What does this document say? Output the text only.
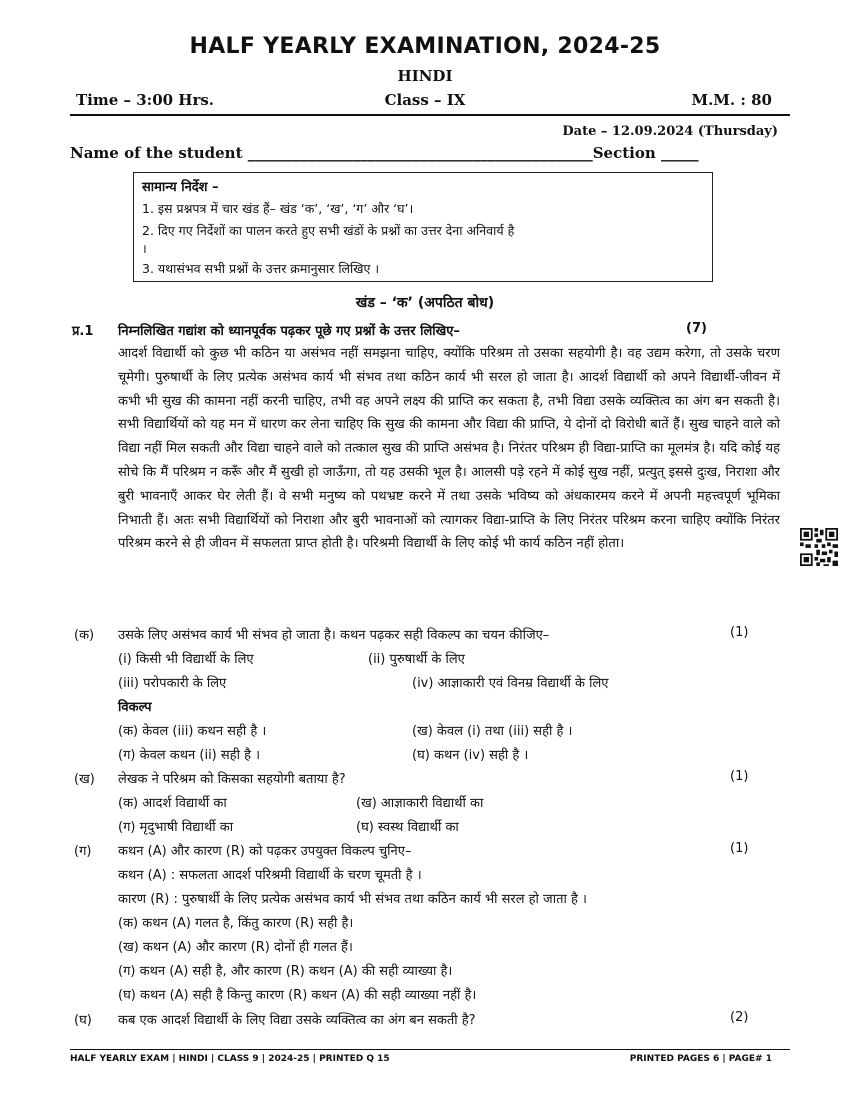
HALF YEARLY EXAMINATION, 2024-25
HINDI
Time – 3:00 Hrs.	Class – IX	M.M. : 80
Date – 12.09.2024 (Thursday)
Name of the student ______________________________________________Section _____
सामान्य निर्देश –
1. इस प्रश्नपत्र में चार खंड हैं– खंड ‘क’, ‘ख’, ‘ग’ और ‘घ’।
2. दिए गए निर्देशों का पालन करते हुए सभी खंडों के प्रश्नों का उत्तर देना अनिवार्य है
।
3. यथासंभव सभी प्रश्नों के उत्तर क्रमानुसार लिखिए ।
खंड – ‘क’ (अपठित बोध)
प्र.1 निम्नलिखित गद्यांश को ध्यानपूर्वक पढ़कर पूछे गए प्रश्नों के उत्तर लिखिए–	(7)
आदर्श विद्यार्थी को कुछ भी कठिन या असंभव नहीं समझना चाहिए, क्योंकि परिश्रम तो उसका सहयोगी है। वह उद्यम करेगा, तो उसके चरण चूमेगी। पुरुषार्थी के लिए प्रत्येक असंभव कार्य भी संभव तथा कठिन कार्य भी सरल हो जाता है। आदर्श विद्यार्थी को अपने विद्यार्थी-जीवन में कभी भी सुख की कामना नहीं करनी चाहिए, तभी वह अपने लक्ष्य की प्राप्ति कर सकता है, तभी विद्या उसके व्यक्तित्व का अंग बन सकती है। सभी विद्यार्थियों को यह मन में धारण कर लेना चाहिए कि सुख की कामना और विद्या की प्राप्ति, ये दोनों दो विरोधी बातें हैं। सुख चाहने वाले को विद्या नहीं मिल सकती और विद्या चाहने वाले को तत्काल सुख की प्राप्ति असंभव है। निरंतर परिश्रम ही विद्या-प्राप्ति का मूलमंत्र है। यदि कोई यह सोचे कि मैं परिश्रम न करूँ और मैं सुखी हो जाऊँगा, तो यह उसकी भूल है। आलसी पड़े रहने में कोई सुख नहीं, प्रत्युत् इससे दुःख, निराशा और बुरी भावनाएँ आकर घेर लेती हैं। वे सभी मनुष्य को पथभ्रष्ट करने में तथा उसके भविष्य को अंधकारमय करने में अपनी महत्त्वपूर्ण भूमिका निभाती हैं। अतः सभी विद्यार्थियों को निराशा और बुरी भावनाओं को त्यागकर विद्या-प्राप्ति के लिए निरंतर परिश्रम करना चाहिए क्योंकि निरंतर परिश्रम करने से ही जीवन में सफलता प्राप्त होती है। परिश्रमी विद्यार्थी के लिए कोई भी कार्य कठिन नहीं होता।
(क) उसके लिए असंभव कार्य भी संभव हो जाता है। कथन पढ़कर सही विकल्प का चयन कीजिए–	(1)
(i) किसी भी विद्यार्थी के लिए	(ii) पुरुषार्थी के लिए
(iii) परोपकारी के लिए	(iv) आज्ञाकारी एवं विनम्र विद्यार्थी के लिए
विकल्प
(क) केवल (iii) कथन सही है ।	(ख) केवल (i) तथा (iii) सही है ।
(ग) केवल कथन (ii) सही है ।	(घ) कथन (iv) सही है ।
(ख) लेखक ने परिश्रम को किसका सहयोगी बताया है?	(1)
(क) आदर्श विद्यार्थी का	(ख) आज्ञाकारी विद्यार्थी का
(ग) मृदुभाषी विद्यार्थी का	(घ) स्वस्थ विद्यार्थी का
(ग) कथन (A) और कारण (R) को पढ़कर उपयुक्त विकल्प चुनिए–	(1)
कथन (A) : सफलता आदर्श परिश्रमी विद्यार्थी के चरण चूमती है ।
कारण (R) : पुरुषार्थी के लिए प्रत्येक असंभव कार्य भी संभव तथा कठिन कार्य भी सरल हो जाता है ।
(क) कथन (A) गलत है, किंतु कारण (R) सही है।
(ख) कथन (A) और कारण (R) दोनों ही गलत हैं।
(ग) कथन (A) सही है, और कारण (R) कथन (A) की सही व्याख्या है।
(घ) कथन (A) सही है किन्तु कारण (R) कथन (A) की सही व्याख्या नहीं है।
(घ) कब एक आदर्श विद्यार्थी के लिए विद्या उसके व्यक्तित्व का अंग बन सकती है?	(2)
HALF YEARLY EXAM | HINDI | CLASS 9 | 2024-25 | PRINTED Q 15	PRINTED PAGES 6 | PAGE# 1
